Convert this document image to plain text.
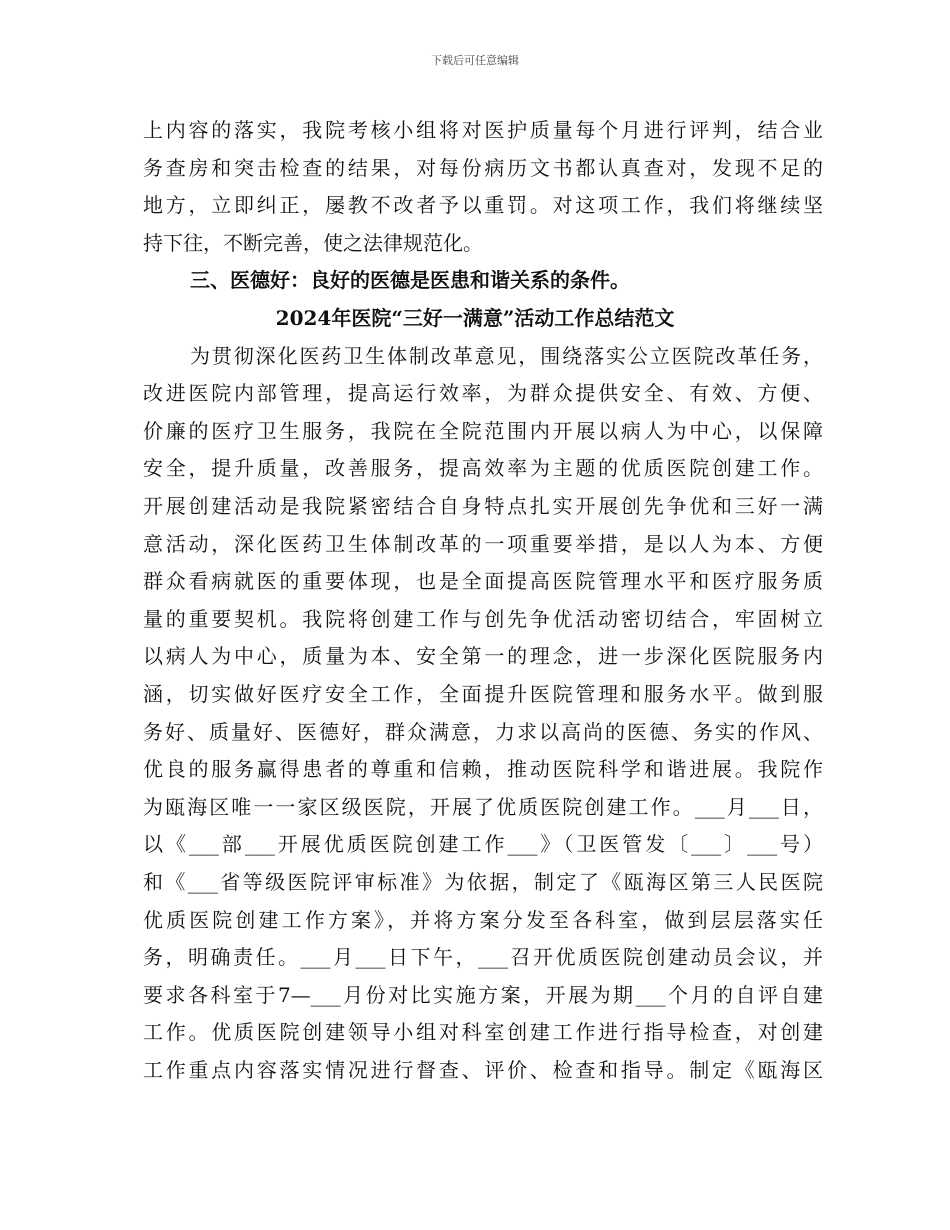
下载后可任意编辑
上内容的落实，我院考核小组将对医护质量每个月进行评判，结合业
务查房和突击检查的结果，对每份病历文书都认真查对，发现不足的
地方，立即纠正，屡教不改者予以重罚。对这项工作，我们将继续坚
持下往，不断完善，使之法律规范化。
三、医德好：良好的医德是医患和谐关系的条件。
2024年医院“三好一满意”活动工作总结范文
为贯彻深化医药卫生体制改革意见，围绕落实公立医院改革任务，
改进医院内部管理，提高运行效率，为群众提供安全、有效、方便、
价廉的医疗卫生服务，我院在全院范围内开展以病人为中心，以保障
安全，提升质量，改善服务，提高效率为主题的优质医院创建工作。
开展创建活动是我院紧密结合自身特点扎实开展创先争优和三好一满
意活动，深化医药卫生体制改革的一项重要举措，是以人为本、方便
群众看病就医的重要体现，也是全面提高医院管理水平和医疗服务质
量的重要契机。我院将创建工作与创先争优活动密切结合，牢固树立
以病人为中心，质量为本、安全第一的理念，进一步深化医院服务内
涵，切实做好医疗安全工作，全面提升医院管理和服务水平。做到服
务好、质量好、医德好，群众满意，力求以高尚的医德、务实的作风、
优良的服务赢得患者的尊重和信赖，推动医院科学和谐进展。我院作
为瓯海区唯一一家区级医院，开展了优质医院创建工作。___月___日，
以《___部___开展优质医院创建工作___》（卫医管发〔___〕___号）
和《___省等级医院评审标准》为依据，制定了《瓯海区第三人民医院
优质医院创建工作方案》，并将方案分发至各科室，做到层层落实任
务，明确责任。___月___日下午，___召开优质医院创建动员会议，并
要求各科室于7—___月份对比实施方案，开展为期___个月的自评自建
工作。优质医院创建领导小组对科室创建工作进行指导检查，对创建
工作重点内容落实情况进行督查、评价、检查和指导。制定《瓯海区
